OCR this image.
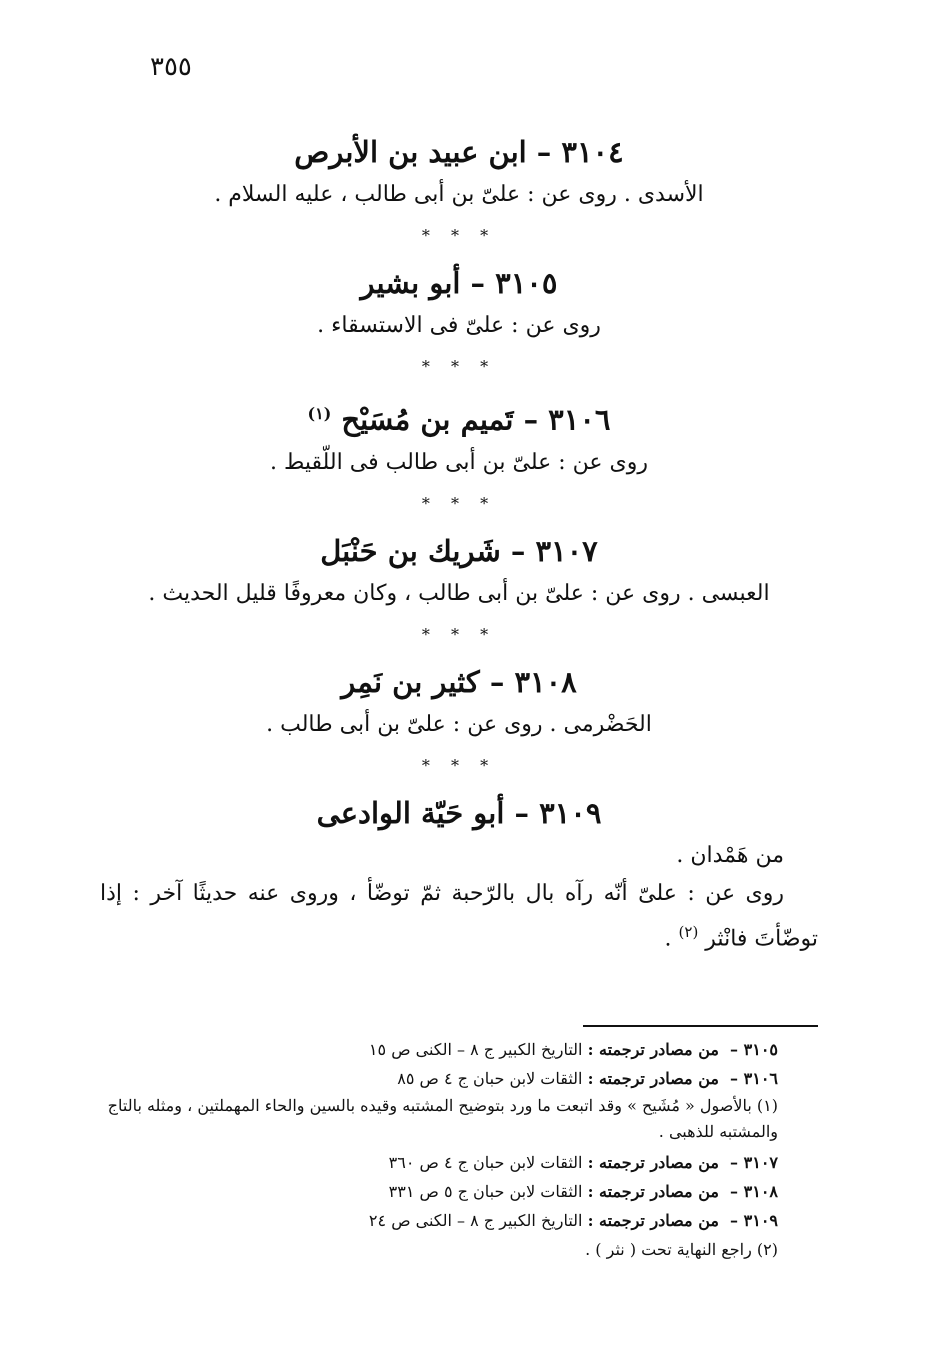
٣٥٥

٣١٠٤ – ابن عبيد بن الأبرص

الأسدى . روى عن : علىّ بن أبى طالب ، عليه السلام .

* * *

٣١٠٥ – أبو بشير

روى عن : علىّ فى الاستسقاء .

* * *

٣١٠٦ – تَميم بن مُسَيْح $^{(١)}$

روى عن : علىّ بن أبى طالب فى اللّقيط .

* * *

٣١٠٧ – شَريك بن حَنْبَل

العبسى . روى عن : علىّ بن أبى طالب ، وكان معروفًا قليل الحديث .

* * *

٣١٠٨ – كثير بن نَمِر

الحَضْرمى . روى عن : علىّ بن أبى طالب .

* * *

٣١٠٩ – أبو حَيّة الوادعى

من هَمْدان .

روى عن : علىّ أنّه رآه بال بالرّحبة ثمّ توضّأ ، وروى عنه حديثًا آخر : إذا توضّأتَ فانْثر $^{(٢)}$ .

٣١٠٥ – من مصادر ترجمته : التاريخ الكبير ج ٨ – الكنى ص ١٥

٣١٠٦ – من مصادر ترجمته : الثقات لابن حبان ج ٤ ص ٨٥

(١) بالأصول « مُشَيح » وقد اتبعت ما ورد بتوضيح المشتبه وقيده بالسين والحاء المهملتين ، ومثله بالتاج والمشتبه للذهبى .

٣١٠٧ – من مصادر ترجمته : الثقات لابن حبان ج ٤ ص ٣٦٠

٣١٠٨ – من مصادر ترجمته : الثقات لابن حبان ج ٥ ص ٣٣١

٣١٠٩ – من مصادر ترجمته : التاريخ الكبير ج ٨ – الكنى ص ٢٤

(٢) راجع النهاية تحت ( نثر ) .
